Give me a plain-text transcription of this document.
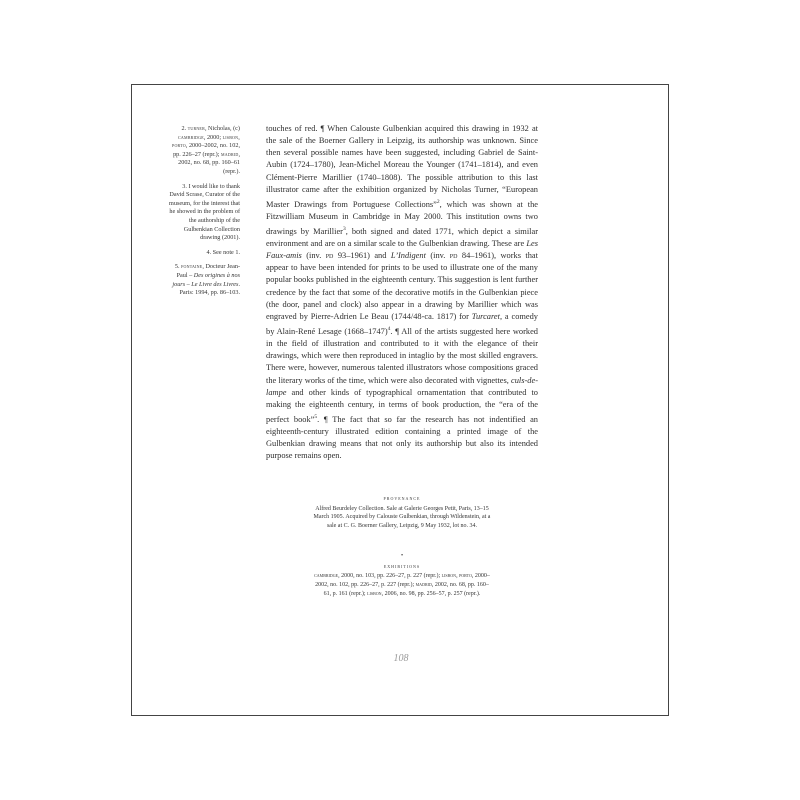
2. turner, Nicholas, (c) cambridge, 2000; lisbon, porto, 2000–2002, no. 102, pp. 226–27 (repr.); madrid, 2002, no. 68, pp. 160–61 (repr.).

3. I would like to thank David Scrase, Curator of the museum, for the interest that he showed in the problem of the authorship of the Gulbenkian Collection drawing (2001).

4. See note 1.

5. fontaine, Docteur Jean-Paul – Des origines à nos jours – Le Livre des Livres. Paris: 1994, pp. 86–103.

touches of red. ¶ When Calouste Gulbenkian acquired this drawing in 1932 at the sale of the Boerner Gallery in Leipzig, its authorship was unknown. Since then several possible names have been suggested, including Gabriel de Saint-Aubin (1724–1780), Jean-Michel Moreau the Younger (1741–1814), and even Clément-Pierre Marillier (1740–1808). The possible attribution to this last illustrator came after the exhibition organized by Nicholas Turner, “European Master Drawings from Portuguese Collections”$^2$, which was shown at the Fitzwilliam Museum in Cambridge in May 2000. This institution owns two drawings by Marillier$^3$, both signed and dated 1771, which depict a similar environment and are on a similar scale to the Gulbenkian drawing. These are Les Faux-amis (inv. pd 93–1961) and L’Indigent (inv. pd 84–1961), works that appear to have been intended for prints to be used to illustrate one of the many popular books published in the eighteenth century. This suggestion is lent further credence by the fact that some of the decorative motifs in the Gulbenkian piece (the door, panel and clock) also appear in a drawing by Marillier which was engraved by Pierre-Adrien Le Beau (1744/48-ca. 1817) for Turcaret, a comedy by Alain-René Lesage (1668–1747)$^4$. ¶ All of the artists suggested here worked in the field of illustration and contributed to it with the elegance of their drawings, which were then reproduced in intaglio by the most skilled engravers. There were, however, numerous talented illustrators whose compositions graced the literary works of the time, which were also decorated with vignettes, culs-de-lampe and other kinds of typographical ornamentation that contributed to making the eighteenth century, in terms of book production, the “era of the perfect book”$^5$. ¶ The fact that so far the research has not indentified an eighteenth-century illustrated edition containing a printed image of the Gulbenkian drawing means that not only its authorship but also its intended purpose remains open.

provenance
Alfred Beurdeley Collection. Sale at Galerie Georges Petit, Paris, 13–15 March 1905. Acquired by Calouste Gulbenkian, through Wildenstein, at a sale at C. G. Boerner Gallery, Leipzig, 9 May 1932, lot no. 34.
•
exhibitions
cambridge, 2000, no. 103, pp. 226–27, p. 227 (repr.); lisbon, porto, 2000–2002, no. 102, pp. 226–27, p. 227 (repr.); madrid, 2002, no. 68, pp. 160–61, p. 161 (repr.); lisbon, 2006, no. 98, pp. 256–57, p. 257 (repr.).
108
